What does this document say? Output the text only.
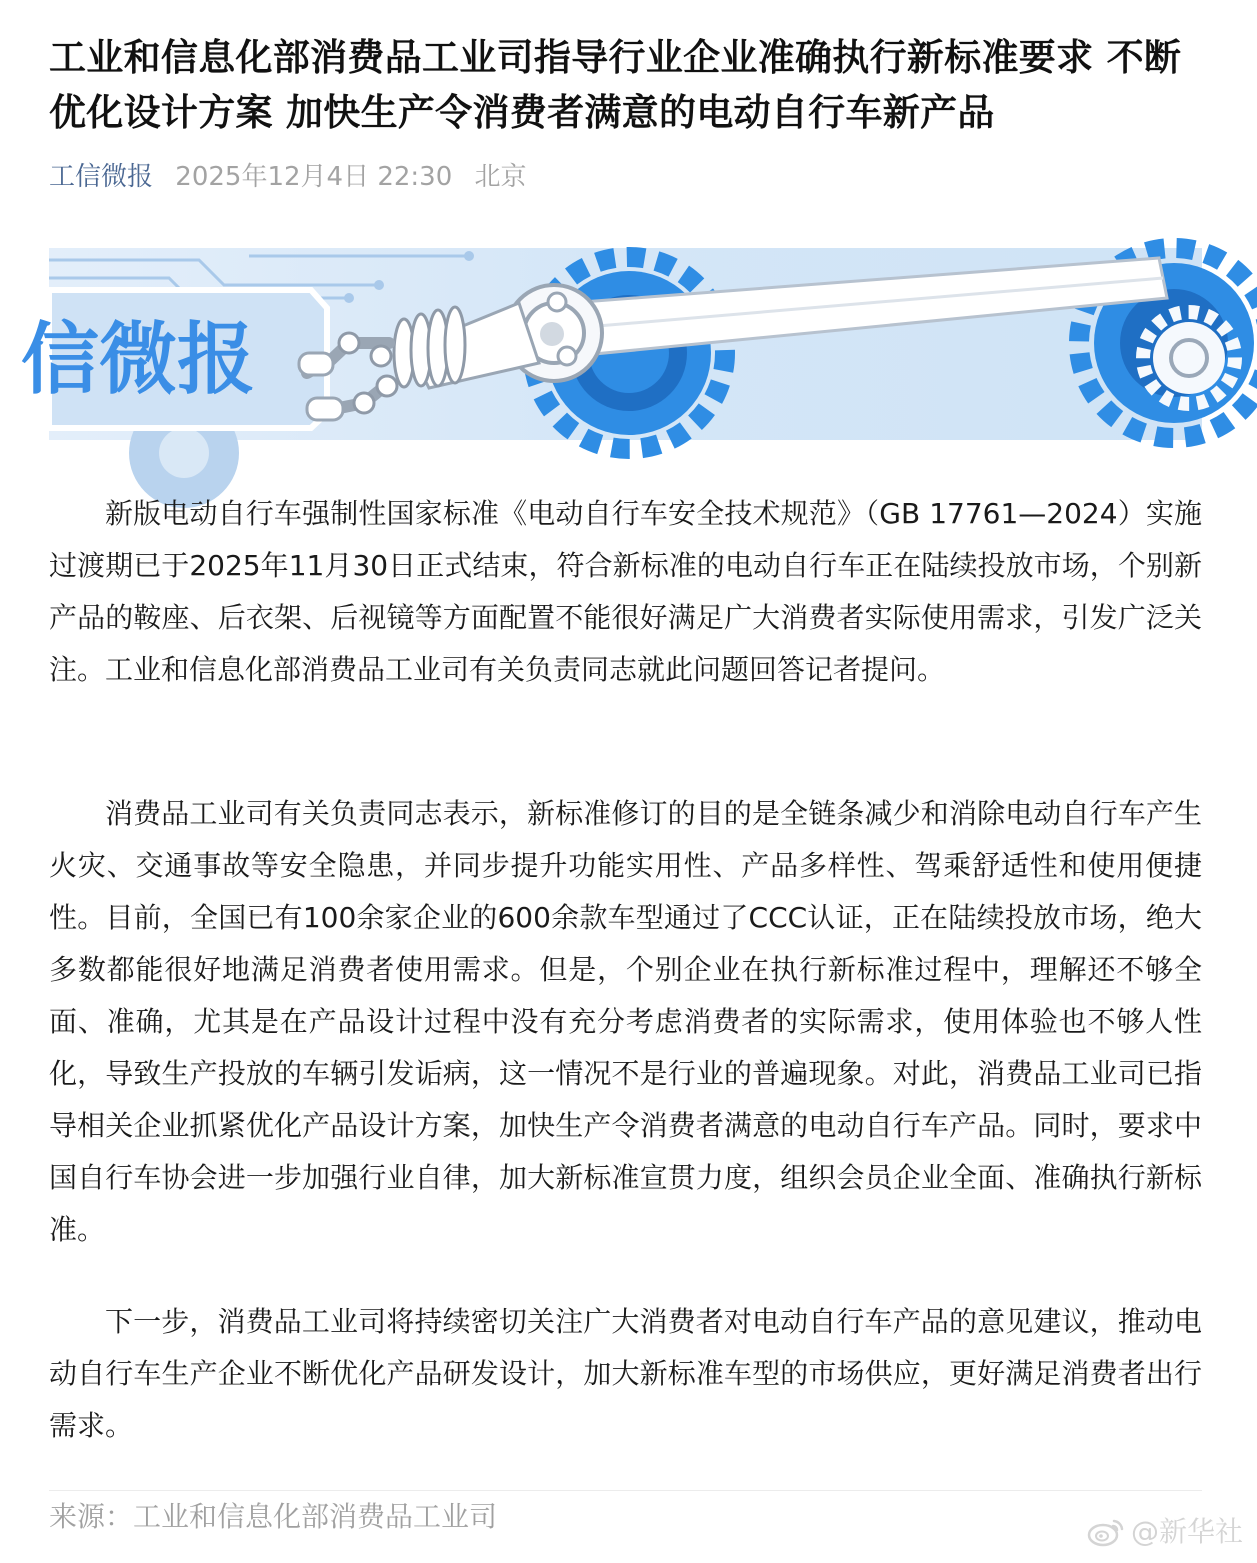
工业和信息化部消费品工业司指导行业企业准确执行新标准要求 不断优化设计方案 加快生产令消费者满意的电动自行车新产品
工信微报 2025年12月4日 22:30 北京
信微报

新版电动自行车强制性国家标准《电动自行车安全技术规范》（GB 17761—2024）实施过渡期已于2025年11月30日正式结束，符合新标准的电动自行车正在陆续投放市场，个别新产品的鞍座、后衣架、后视镜等方面配置不能很好满足广大消费者实际使用需求，引发广泛关注。工业和信息化部消费品工业司有关负责同志就此问题回答记者提问。

消费品工业司有关负责同志表示，新标准修订的目的是全链条减少和消除电动自行车产生火灾、交通事故等安全隐患，并同步提升功能实用性、产品多样性、驾乘舒适性和使用便捷性。目前，全国已有100余家企业的600余款车型通过了CCC认证，正在陆续投放市场，绝大多数都能很好地满足消费者使用需求。但是，个别企业在执行新标准过程中，理解还不够全面、准确，尤其是在产品设计过程中没有充分考虑消费者的实际需求，使用体验也不够人性化，导致生产投放的车辆引发诟病，这一情况不是行业的普遍现象。对此，消费品工业司已指导相关企业抓紧优化产品设计方案，加快生产令消费者满意的电动自行车产品。同时，要求中国自行车协会进一步加强行业自律，加大新标准宣贯力度，组织会员企业全面、准确执行新标准。

下一步，消费品工业司将持续密切关注广大消费者对电动自行车产品的意见建议，推动电动自行车生产企业不断优化产品研发设计，加大新标准车型的市场供应，更好满足消费者出行需求。

来源：工业和信息化部消费品工业司	@新华社
